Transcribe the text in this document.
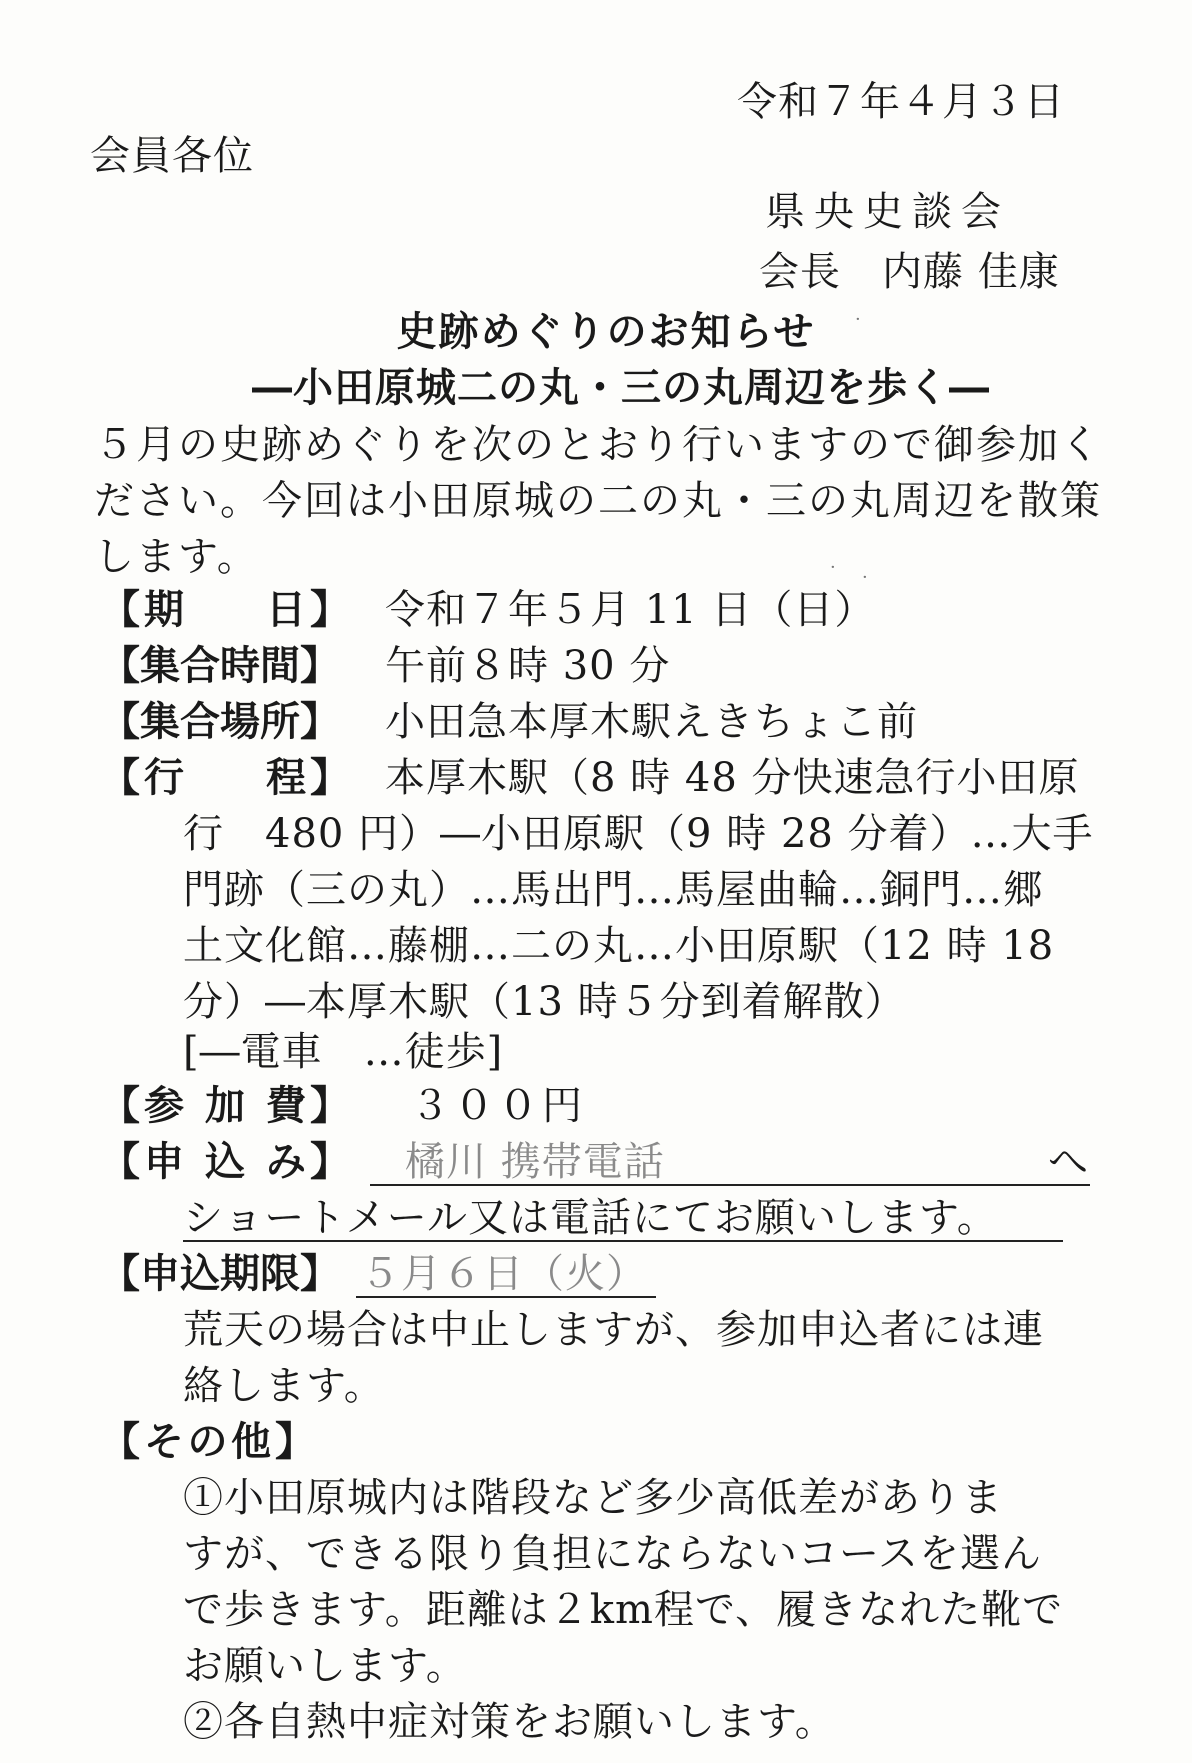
令和７年４月３日
会員各位
県央史談会
会長　内藤 佳康
史跡めぐりのお知らせ
―小田原城二の丸・三の丸周辺を歩く―
５月の史跡めぐりを次のとおり行いますので御参加ください。今回は小田原城の二の丸・三の丸周辺を散策します。
【 期 日 】 令和７年５月 11 日（日）
【集合時間】 午前８時 30 分
【集合場所】 小田急本厚木駅えきちょこ前
【 行 程 】 本厚木駅（8 時 48 分快速急行小田原
行　480 円）―小田原駅（9 時 28 分着）…大手
門跡（三の丸）…馬出門…馬屋曲輪…銅門…郷
土文化館…藤棚…二の丸…小田原駅（12 時 18
分）―本厚木駅（13 時５分到着解散）
[―電車　…徒歩]
【 参 加 費 】 ３００円
【 申 込 み 】 橘川 携帯電話	へ
ショートメール又は電話にてお願いします。
【申込期限】 ５月６日（火）
荒天の場合は中止しますが、参加申込者には連
絡します。
【 そ の 他 】
①小田原城内は階段など多少高低差がありま
すが、できる限り負担にならないコースを選ん
で歩きます。距離は２km程で、履きなれた靴で
お願いします。
②各自熱中症対策をお願いします。
·
· ·
